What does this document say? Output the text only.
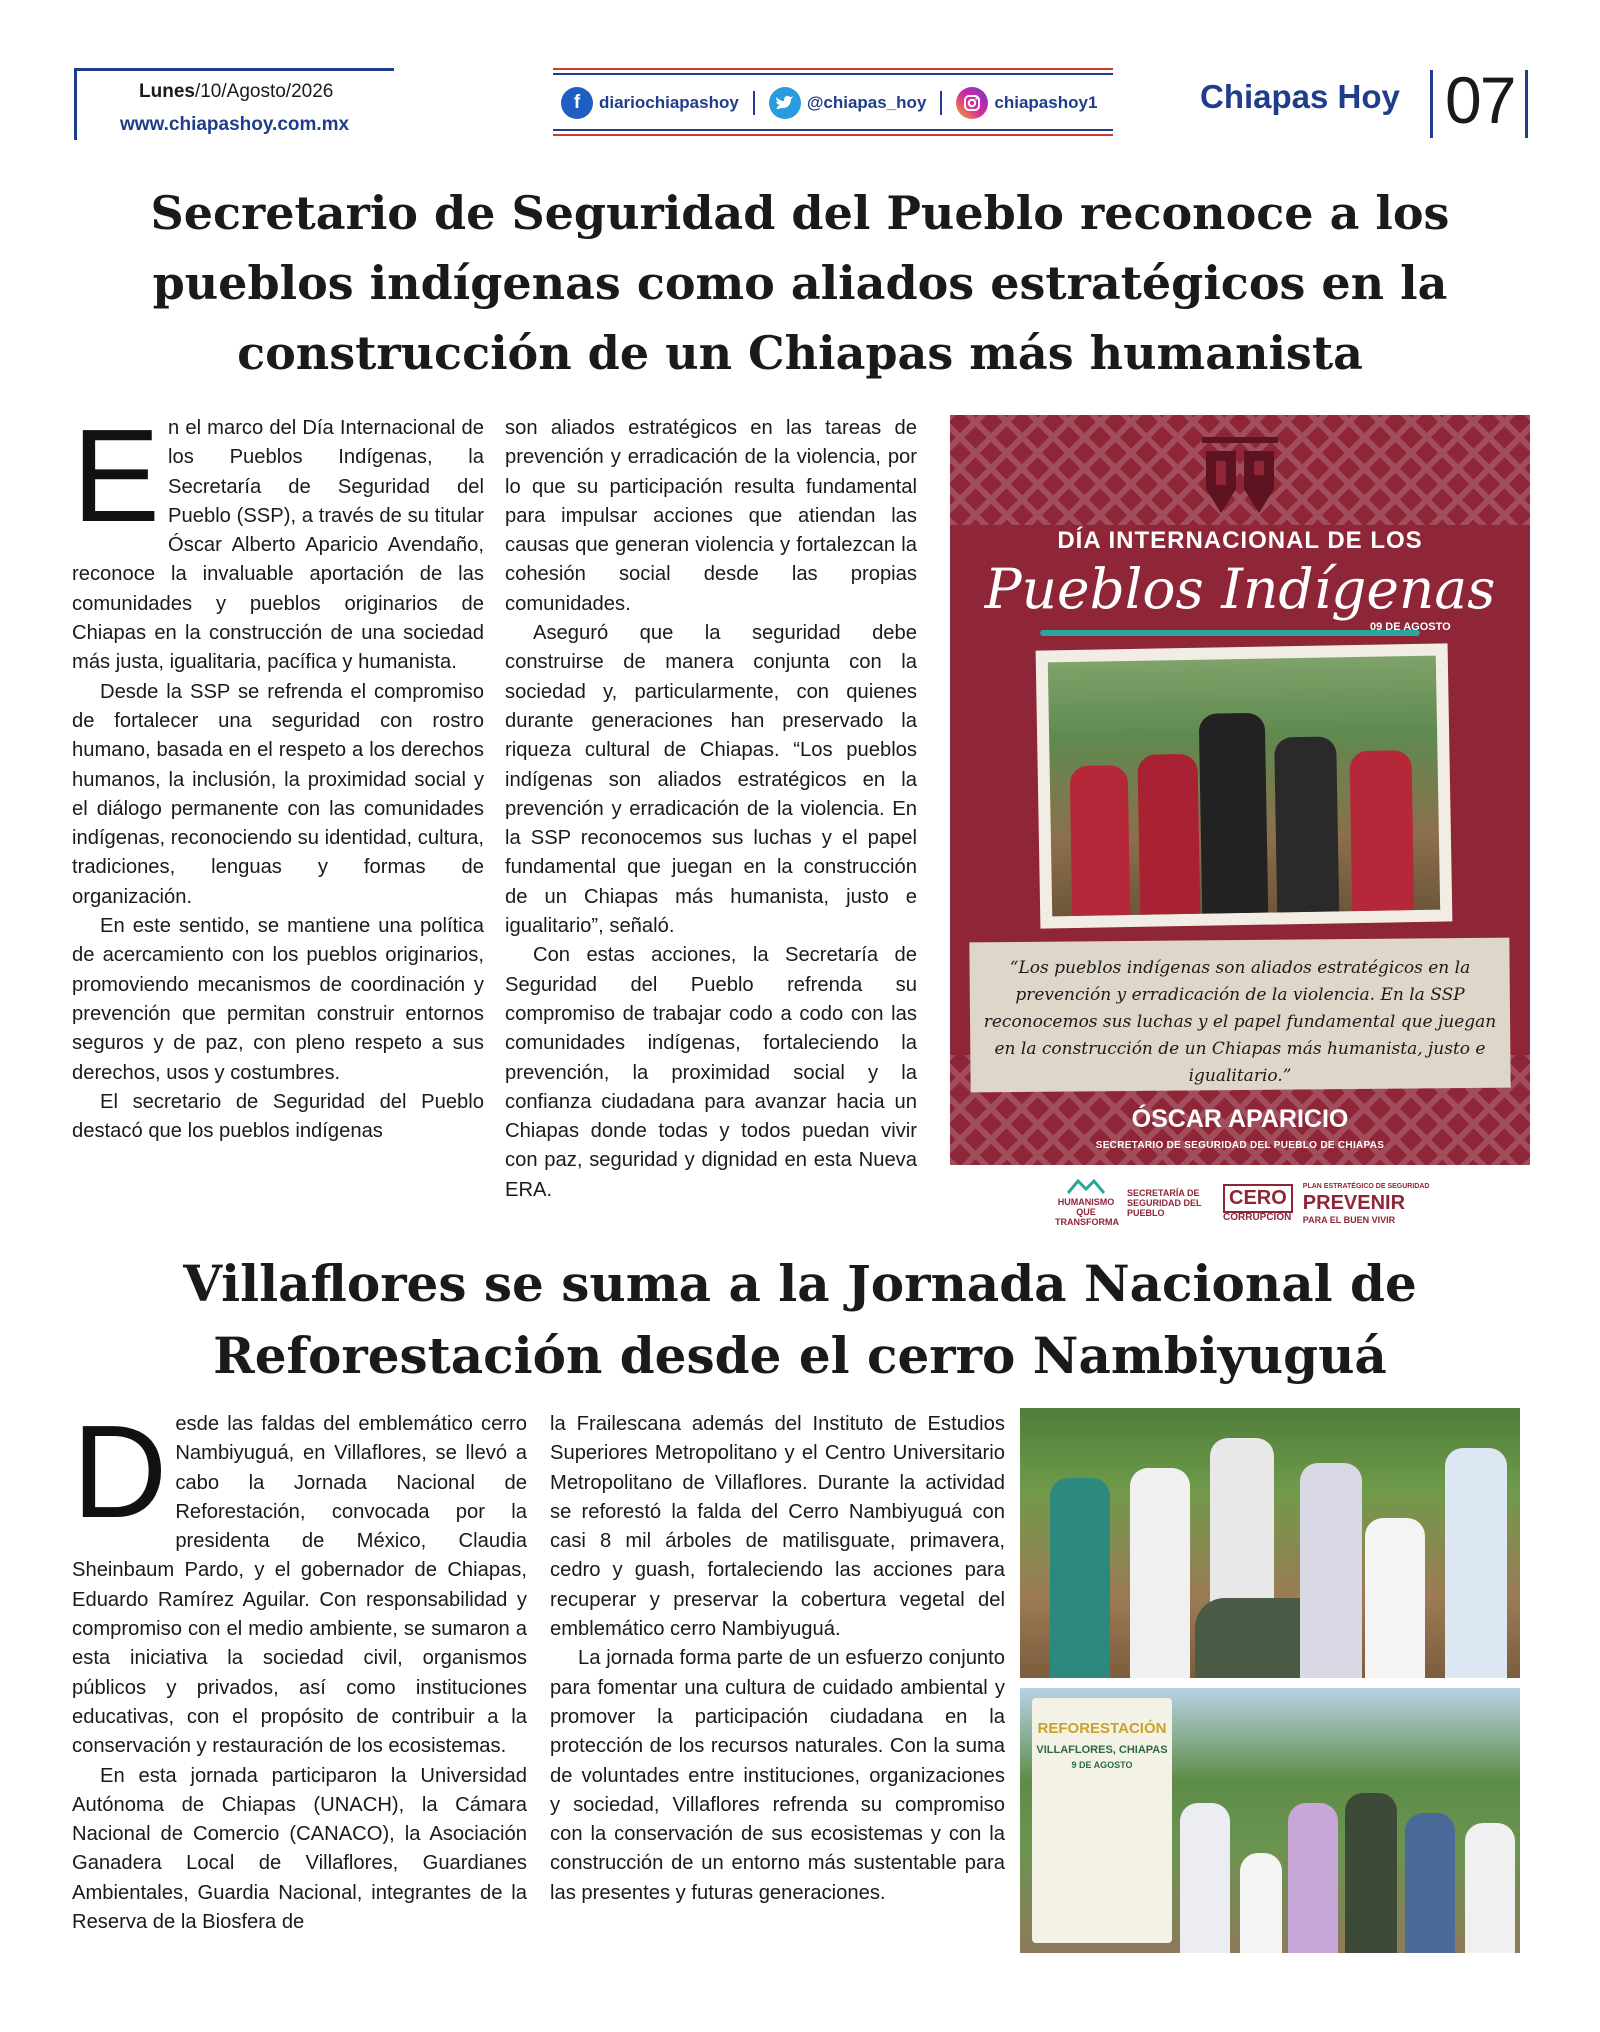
Lunes/10/Agosto/2026
www.chiapashoy.com.mx
f	diariochiapashoy	@chiapas_hoy	chiapashoy1	Chiapas Hoy 07
Secretario de Seguridad del Pueblo reconoce a los pueblos indígenas como aliados estratégicos en la construcción de un Chiapas más humanista

En el marco del Día Internacional de los Pueblos Indígenas, la Secretaría de Seguridad del Pueblo (SSP), a través de su titular Óscar Alberto Aparicio Avendaño, reconoce la invaluable aportación de las comunidades y pueblos originarios de Chiapas en la construcción de una sociedad más justa, igualitaria, pacífica y humanista.

Desde la SSP se refrenda el compromiso de fortalecer una seguridad con rostro humano, basada en el respeto a los derechos humanos, la inclusión, la proximidad social y el diálogo permanente con las comunidades indígenas, reconociendo su identidad, cultura, tradiciones, lenguas y formas de organización.

En este sentido, se mantiene una política de acercamiento con los pueblos originarios, promoviendo mecanismos de coordinación y prevención que permitan construir entornos seguros y de paz, con pleno respeto a sus derechos, usos y costumbres.

El secretario de Seguridad del Pueblo destacó que los pueblos indígenas

son aliados estratégicos en las tareas de prevención y erradicación de la violencia, por lo que su participación resulta fundamental para impulsar acciones que atiendan las causas que generan violencia y fortalezcan la cohesión social desde las propias comunidades.

Aseguró que la seguridad debe construirse de manera conjunta con la sociedad y, particularmente, con quienes durante generaciones han preservado la riqueza cultural de Chiapas. “Los pueblos indígenas son aliados estratégicos en la prevención y erradicación de la violencia. En la SSP reconocemos sus luchas y el papel fundamental que juegan en la construcción de un Chiapas más humanista, justo e igualitario”, señaló.

Con estas acciones, la Secretaría de Seguridad del Pueblo refrenda su compromiso de trabajar codo a codo con las comunidades indígenas, fortaleciendo la prevención, la proximidad social y la confianza ciudadana para avanzar hacia un Chiapas donde todas y todos puedan vivir con paz, seguridad y dignidad en esta Nueva ERA.

DÍA INTERNACIONAL DE LOS
Pueblos Indígenas
09 DE AGOSTO
“Los pueblos indígenas son aliados estratégicos en la prevención y erradicación de la violencia. En la SSP reconocemos sus luchas y el papel fundamental que juegan en la construcción de un Chiapas más humanista, justo e igualitario.”
ÓSCAR APARICIO
SECRETARIO DE SEGURIDAD DEL PUEBLO DE CHIAPAS
HUMANISMO QUE TRANSFORMA
SECRETARÍA DE SEGURIDAD DEL PUEBLO
CERO
CORRUPCIÓN
PLAN ESTRATÉGICO DE SEGURIDAD
PREVENIR
PARA EL BUEN VIVIR
Villaflores se suma a la Jornada Nacional de Reforestación desde el cerro Nambiyuguá

Desde las faldas del emblemático cerro Nambiyuguá, en Villaflores, se llevó a cabo la Jornada Nacional de Reforestación, convocada por la presidenta de México, Claudia Sheinbaum Pardo, y el gobernador de Chiapas, Eduardo Ramírez Aguilar. Con responsabilidad y compromiso con el medio ambiente, se sumaron a esta iniciativa la sociedad civil, organismos públicos y privados, así como instituciones educativas, con el propósito de contribuir a la conservación y restauración de los ecosistemas.

En esta jornada participaron la Universidad Autónoma de Chiapas (UNACH), la Cámara Nacional de Comercio (CANACO), la Asociación Ganadera Local de Villaflores, Guardianes Ambientales, Guardia Nacional, integrantes de la Reserva de la Biosfera de

la Frailescana además del Instituto de Estudios Superiores Metropolitano y el Centro Universitario Metropolitano de Villaflores. Durante la actividad se reforestó la falda del Cerro Nambiyuguá con casi 8 mil árboles de matilisguate, primavera, cedro y guash, fortaleciendo las acciones para recuperar y preservar la cobertura vegetal del emblemático cerro Nambiyuguá.

La jornada forma parte de un esfuerzo conjunto para fomentar una cultura de cuidado ambiental y promover la participación ciudadana en la protección de los recursos naturales. Con la suma de voluntades entre instituciones, organizaciones y sociedad, Villaflores refrenda su compromiso con la conservación de sus ecosistemas y con la construcción de un entorno más sustentable para las presentes y futuras generaciones.

REFORESTACIÓN
VILLAFLORES, CHIAPAS
9 DE AGOSTO
